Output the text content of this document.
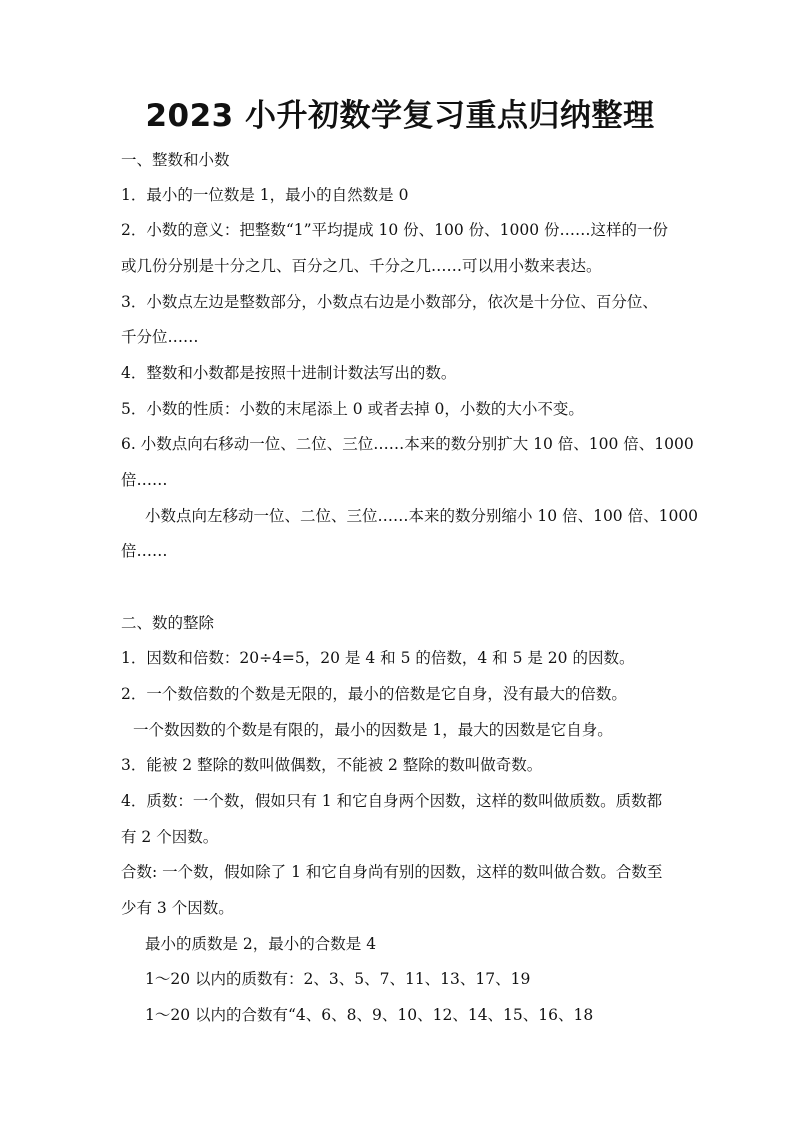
2023 小升初数学复习重点归纳整理
一、整数和小数
1．最小的一位数是 1，最小的自然数是 0
2．小数的意义：把整数“1”平均提成 10 份、100 份、1000 份……这样的一份
或几份分别是十分之几、百分之几、千分之几……可以用小数来表达。
3．小数点左边是整数部分，小数点右边是小数部分，依次是十分位、百分位、
千分位……
4．整数和小数都是按照十进制计数法写出的数。
5．小数的性质：小数的末尾添上 0 或者去掉 0，小数的大小不变。
6. 小数点向右移动一位、二位、三位……本来的数分别扩大 10 倍、100 倍、1000
倍……
小数点向左移动一位、二位、三位……本来的数分别缩小 10 倍、100 倍、1000
倍……
二、数的整除
1．因数和倍数：20÷4=5，20 是 4 和 5 的倍数，4 和 5 是 20 的因数。
2．一个数倍数的个数是无限的，最小的倍数是它自身，没有最大的倍数。
一个数因数的个数是有限的，最小的因数是 1，最大的因数是它自身。
3．能被 2 整除的数叫做偶数，不能被 2 整除的数叫做奇数。
4．质数：一个数，假如只有 1 和它自身两个因数，这样的数叫做质数。质数都
有 2 个因数。
合数: 一个数，假如除了 1 和它自身尚有别的因数，这样的数叫做合数。合数至
少有 3 个因数。
最小的质数是 2，最小的合数是 4
1～20 以内的质数有：2、3、5、7、11、13、17、19
1～20 以内的合数有“4、6、8、9、10、12、14、15、16、18
